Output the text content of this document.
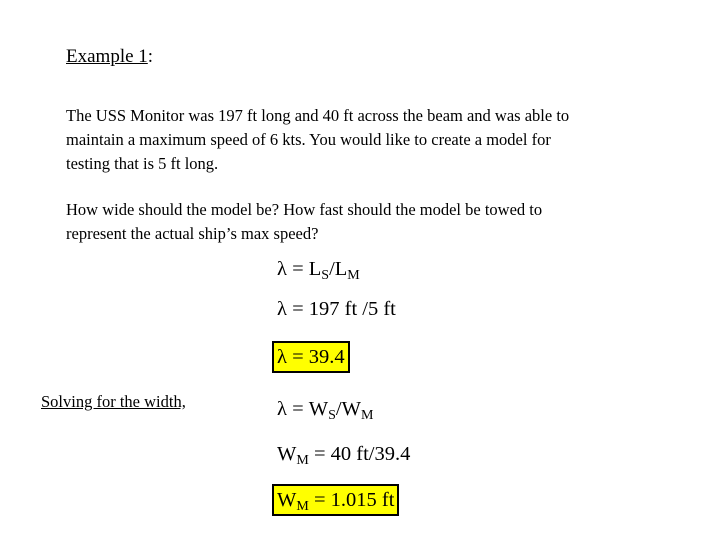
Example 1:
The USS Monitor was 197 ft long and 40 ft across the beam and was able to
maintain a maximum speed of 6 kts. You would like to create a model for
testing that is 5 ft long.
How wide should the model be? How fast should the model be towed to
represent the actual ship’s max speed?
$\lambda = L_S/L_M$
λ = 197 ft /5 ft
λ = 39.4
Solving for the width,	$\lambda = W_S/W_M$
$W_M = 40$ ft/39.4
$W_M = 1.015$ ft
